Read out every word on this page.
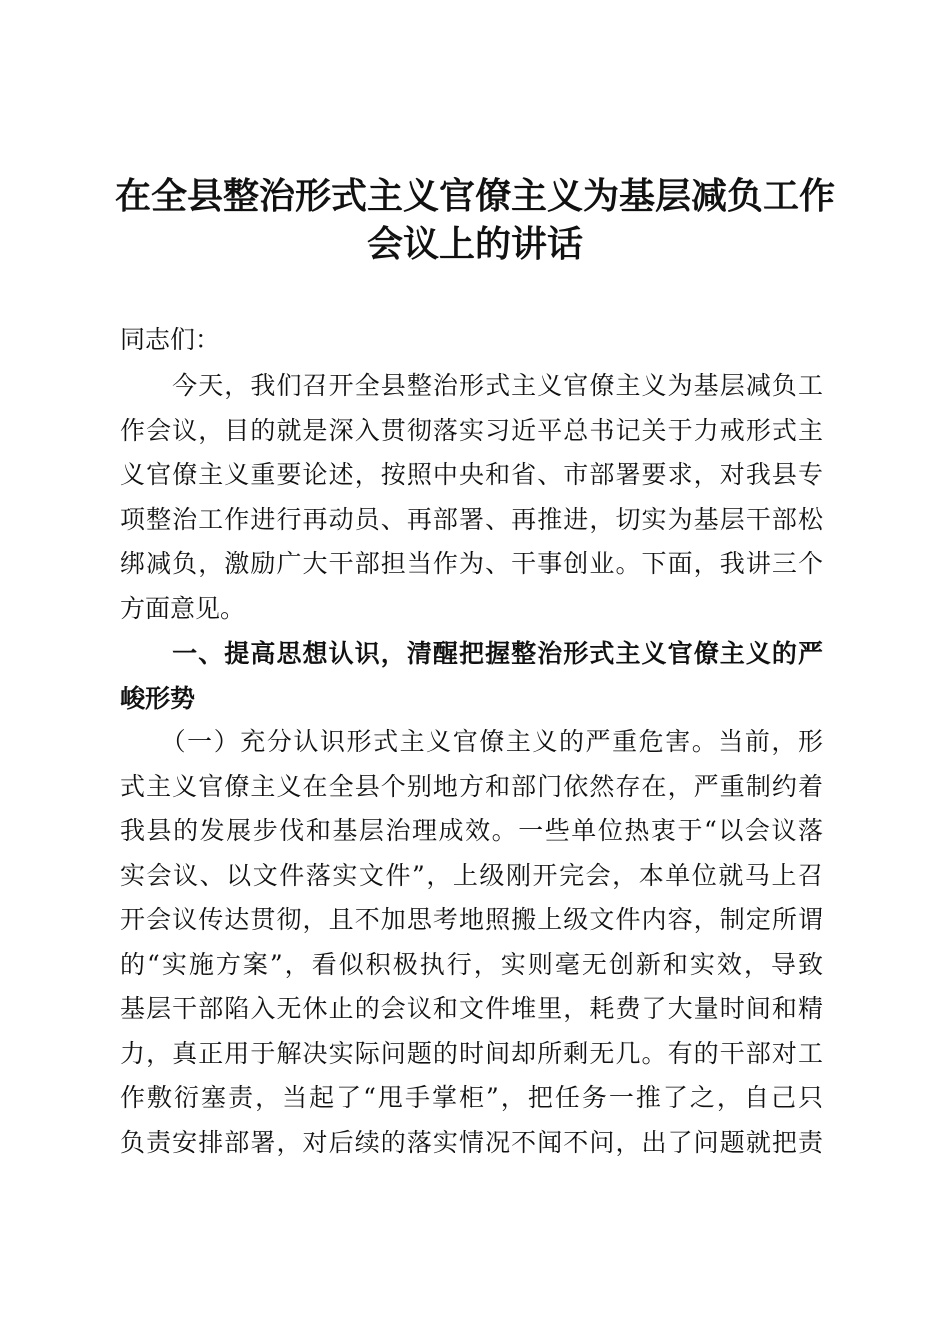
在全县整治形式主义官僚主义为基层减负工作
会议上的讲话

同志们：

　　今天，我们召开全县整治形式主义官僚主义为基层减负工
作会议，目的就是深入贯彻落实习近平总书记关于力戒形式主
义官僚主义重要论述，按照中央和省、市部署要求，对我县专
项整治工作进行再动员、再部署、再推进，切实为基层干部松
绑减负，激励广大干部担当作为、干事创业。下面，我讲三个
方面意见。
　　一、提高思想认识，清醒把握整治形式主义官僚主义的严
峻形势
　　（一）充分认识形式主义官僚主义的严重危害。当前，形
式主义官僚主义在全县个别地方和部门依然存在，严重制约着
我县的发展步伐和基层治理成效。一些单位热衷于“以会议落
实会议、以文件落实文件”，上级刚开完会，本单位就马上召
开会议传达贯彻，且不加思考地照搬上级文件内容，制定所谓
的“实施方案”，看似积极执行，实则毫无创新和实效，导致
基层干部陷入无休止的会议和文件堆里，耗费了大量时间和精
力，真正用于解决实际问题的时间却所剩无几。有的干部对工
作敷衍塞责，当起了“甩手掌柜”，把任务一推了之，自己只
负责安排部署，对后续的落实情况不闻不问，出了问题就把责
